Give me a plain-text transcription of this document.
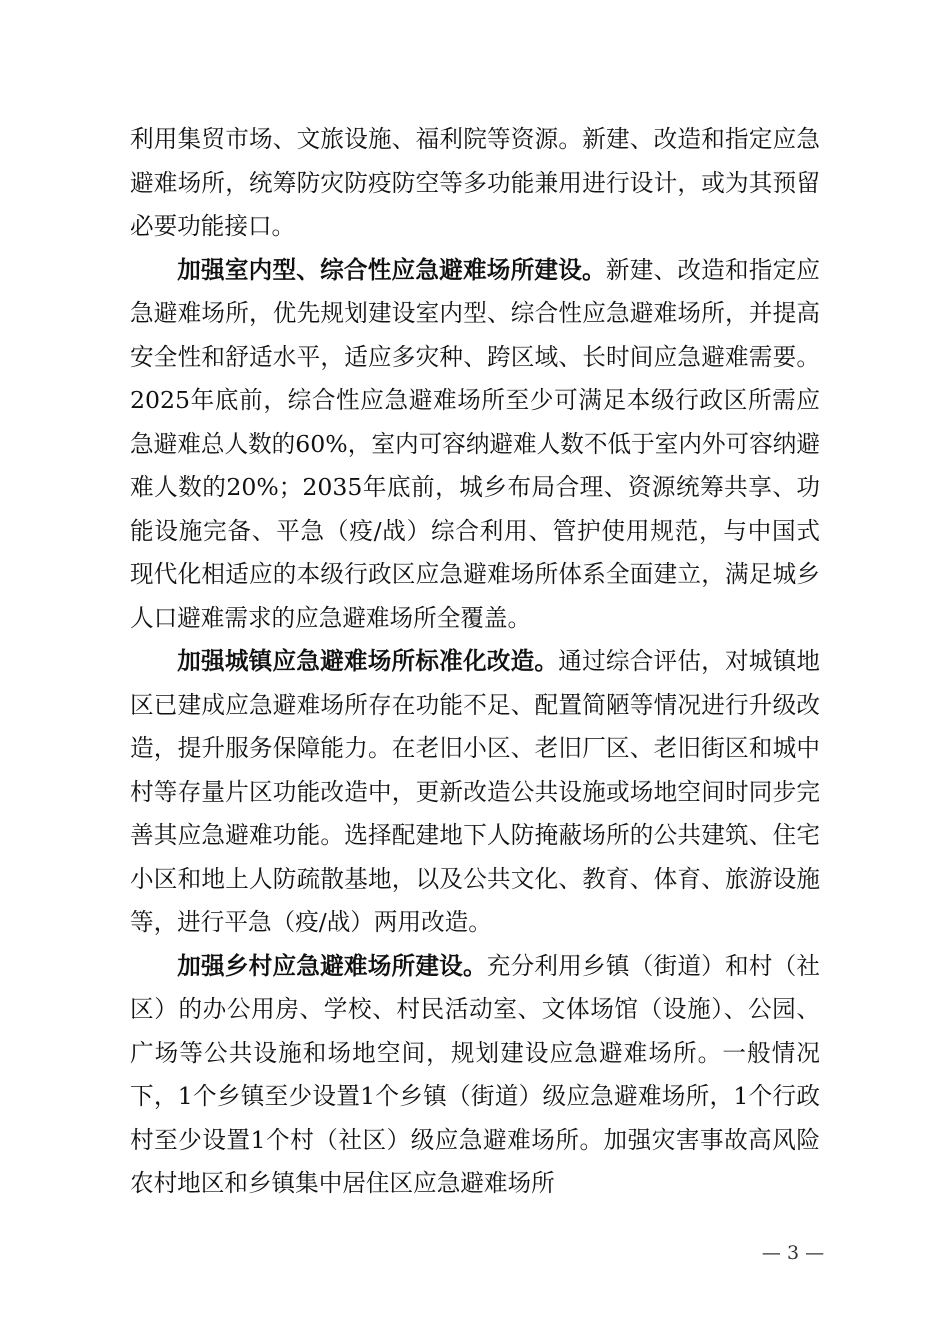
利用集贸市场、文旅设施、福利院等资源。新建、改造和指定应急避难场所，统筹防灾防疫防空等多功能兼用进行设计，或为其预留必要功能接口。

加强室内型、综合性应急避难场所建设。新建、改造和指定应急避难场所，优先规划建设室内型、综合性应急避难场所，并提高安全性和舒适水平，适应多灾种、跨区域、长时间应急避难需要。2025年底前，综合性应急避难场所至少可满足本级行政区所需应急避难总人数的60%，室内可容纳避难人数不低于室内外可容纳避难人数的20%；2035年底前，城乡布局合理、资源统筹共享、功能设施完备、平急（疫/战）综合利用、管护使用规范，与中国式现代化相适应的本级行政区应急避难场所体系全面建立，满足城乡人口避难需求的应急避难场所全覆盖。

加强城镇应急避难场所标准化改造。通过综合评估，对城镇地区已建成应急避难场所存在功能不足、配置简陋等情况进行升级改造，提升服务保障能力。在老旧小区、老旧厂区、老旧街区和城中村等存量片区功能改造中，更新改造公共设施或场地空间时同步完善其应急避难功能。选择配建地下人防掩蔽场所的公共建筑、住宅小区和地上人防疏散基地，以及公共文化、教育、体育、旅游设施等，进行平急（疫/战）两用改造。

加强乡村应急避难场所建设。充分利用乡镇（街道）和村（社区）的办公用房、学校、村民活动室、文体场馆（设施）、公园、广场等公共设施和场地空间，规划建设应急避难场所。一般情况下，1个乡镇至少设置1个乡镇（街道）级应急避难场所，1个行政村至少设置1个村（社区）级应急避难场所。加强灾害事故高风险农村地区和乡镇集中居住区应急避难场所

— 3 —
